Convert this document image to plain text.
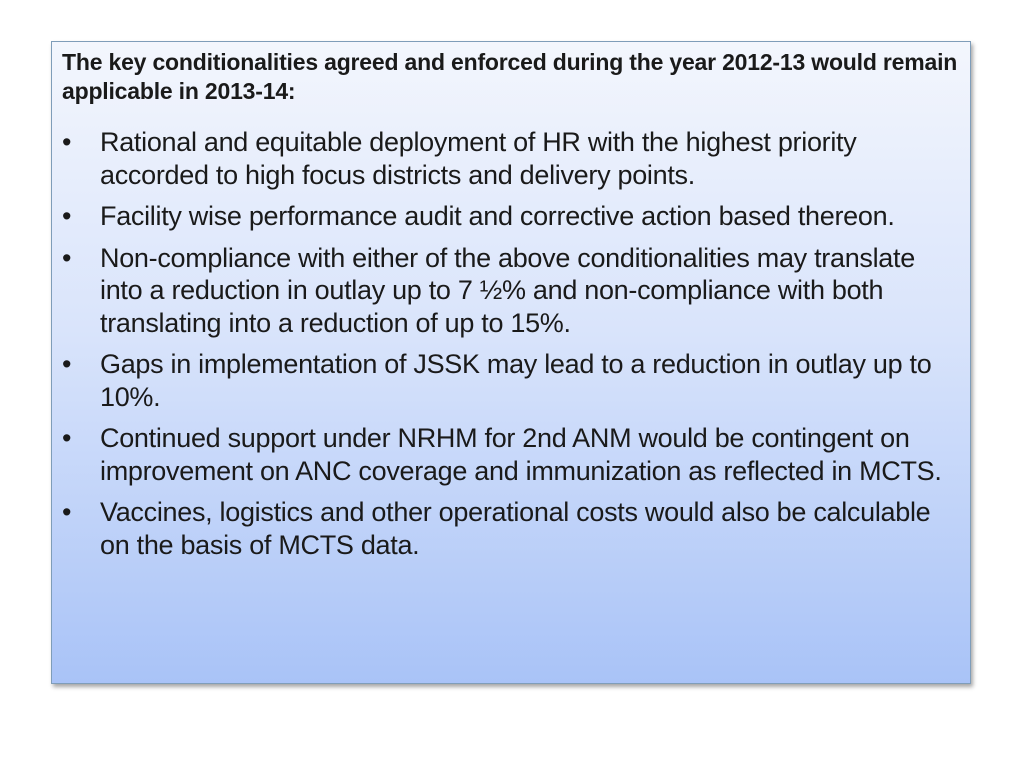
The key conditionalities agreed and enforced during the year 2012-13 would remain applicable in 2013-14:

•	Rational and equitable deployment of HR with the highest priority accorded to high focus districts and delivery points.
•	Facility wise performance audit and corrective action based thereon.
•	Non-compliance with either of the above conditionalities may translate into a reduction in outlay up to 7 ½% and non-compliance with both translating into a reduction of up to 15%.
•	Gaps in implementation of JSSK may lead to a reduction in outlay up to 10%.
•	Continued support under NRHM for 2nd ANM would be contingent on improvement on ANC coverage and immunization as reflected in MCTS.
•	Vaccines, logistics and other operational costs would also be calculable on the basis of MCTS data.
